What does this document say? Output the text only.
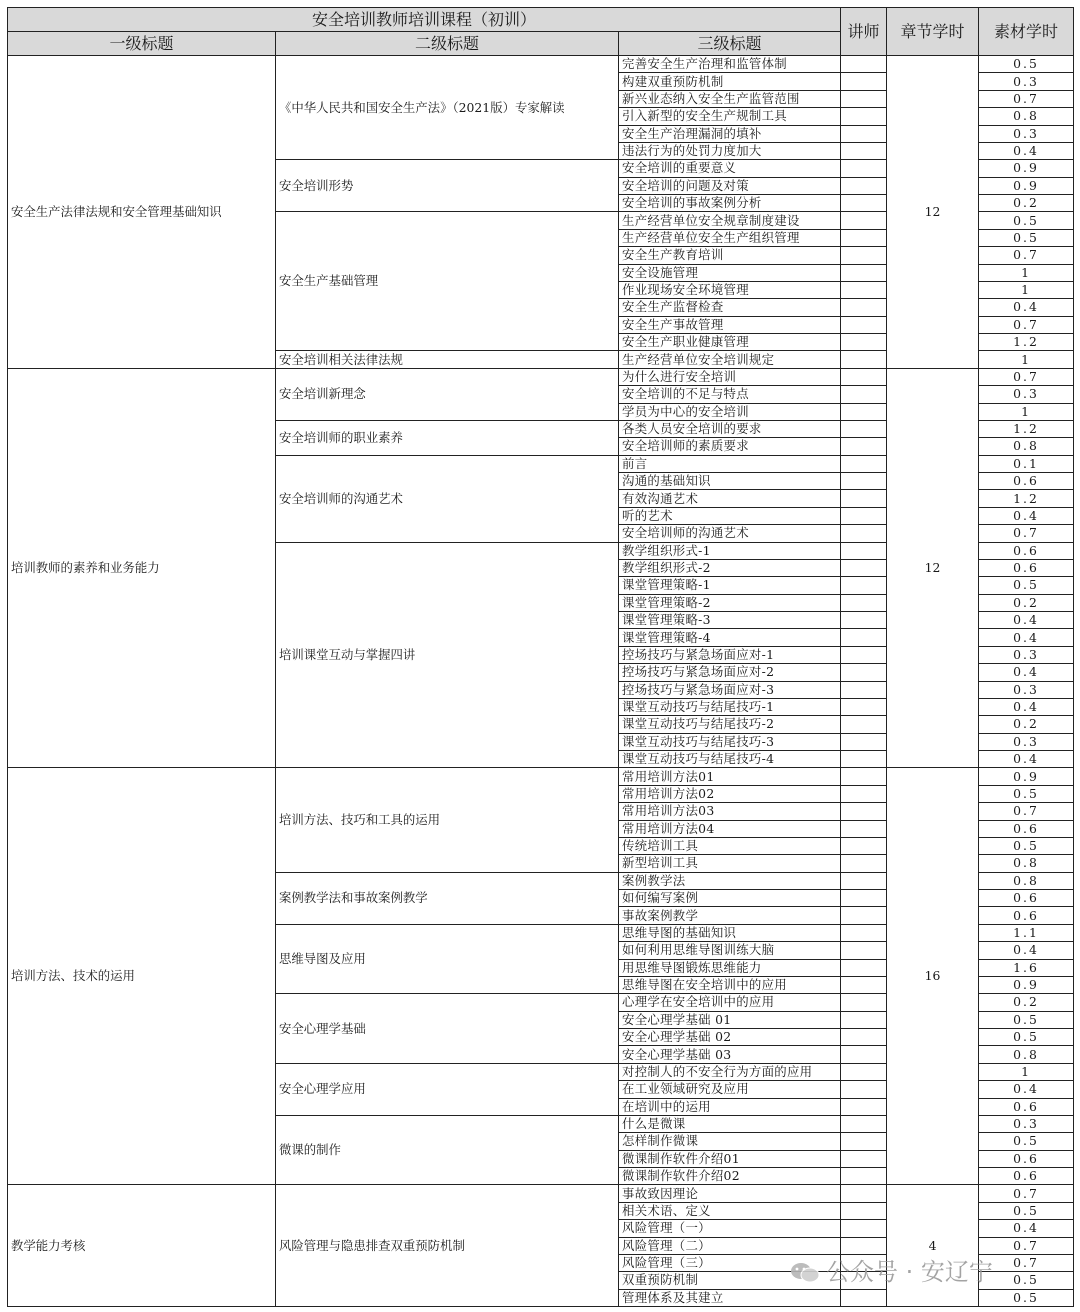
安全培训教师培训课程（初训）			讲师	章节学时	素材学时
一级标题	二级标题	三级标题			
安全生产法律法规和安全管理基础知识	《中华人民共和国安全生产法》（2021版）专家解读	完善安全生产治理和监管体制		12	0.5
		构建双重预防机制			0.3
		新兴业态纳入安全生产监管范围			0.7
		引入新型的安全生产规制工具			0.8
		安全生产治理漏洞的填补			0.3
		违法行为的处罚力度加大			0.4
	安全培训形势	安全培训的重要意义			0.9
		安全培训的问题及对策			0.9
		安全培训的事故案例分析			0.2
	安全生产基础管理	生产经营单位安全规章制度建设			0.5
		生产经营单位安全生产组织管理			0.5
		安全生产教育培训			0.7
		安全设施管理			1
		作业现场安全环境管理			1
		安全生产监督检查			0.4
		安全生产事故管理			0.7
		安全生产职业健康管理			1.2
	安全培训相关法律法规	生产经营单位安全培训规定			1
培训教师的素养和业务能力	安全培训新理念	为什么进行安全培训		12	0.7
		安全培训的不足与特点			0.3
		学员为中心的安全培训			1
	安全培训师的职业素养	各类人员安全培训的要求			1.2
		安全培训师的素质要求			0.8
	安全培训师的沟通艺术	前言			0.1
		沟通的基础知识			0.6
		有效沟通艺术			1.2
		听的艺术			0.4
		安全培训师的沟通艺术			0.7
	培训课堂互动与掌握四讲	教学组织形式-1			0.6
		教学组织形式-2			0.6
		课堂管理策略-1			0.5
		课堂管理策略-2			0.2
		课堂管理策略-3			0.4
		课堂管理策略-4			0.4
		控场技巧与紧急场面应对-1			0.3
		控场技巧与紧急场面应对-2			0.4
		控场技巧与紧急场面应对-3			0.3
		课堂互动技巧与结尾技巧-1			0.4
		课堂互动技巧与结尾技巧-2			0.2
		课堂互动技巧与结尾技巧-3			0.3
		课堂互动技巧与结尾技巧-4			0.4
培训方法、技术的运用	培训方法、技巧和工具的运用	常用培训方法01		16	0.9
		常用培训方法02			0.5
		常用培训方法03			0.7
		常用培训方法04			0.6
		传统培训工具			0.5
		新型培训工具			0.8
	案例教学法和事故案例教学	案例教学法			0.8
		如何编写案例			0.6
		事故案例教学			0.6
	思维导图及应用	思维导图的基础知识			1.1
		如何利用思维导图训练大脑			0.4
		用思维导图锻炼思维能力			1.6
		思维导图在安全培训中的应用			0.9
	安全心理学基础	心理学在安全培训中的应用			0.2
		安全心理学基础 01			0.5
		安全心理学基础 02			0.5
		安全心理学基础 03			0.8
	安全心理学应用	对控制人的不安全行为方面的应用			1
		在工业领域研究及应用			0.4
		在培训中的运用			0.6
	微课的制作	什么是微课			0.3
		怎样制作微课			0.5
		微课制作软件介绍01			0.6
		微课制作软件介绍02			0.6
教学能力考核	风险管理与隐患排查双重预防机制	事故致因理论		4	0.7
		相关术语、定义			0.5
		风险管理（一）			0.4
		风险管理（二）			0.7
		风险管理（三）			0.7
		双重预防机制			0.5
		管理体系及其建立			0.5
公众号 · 安辽宁
